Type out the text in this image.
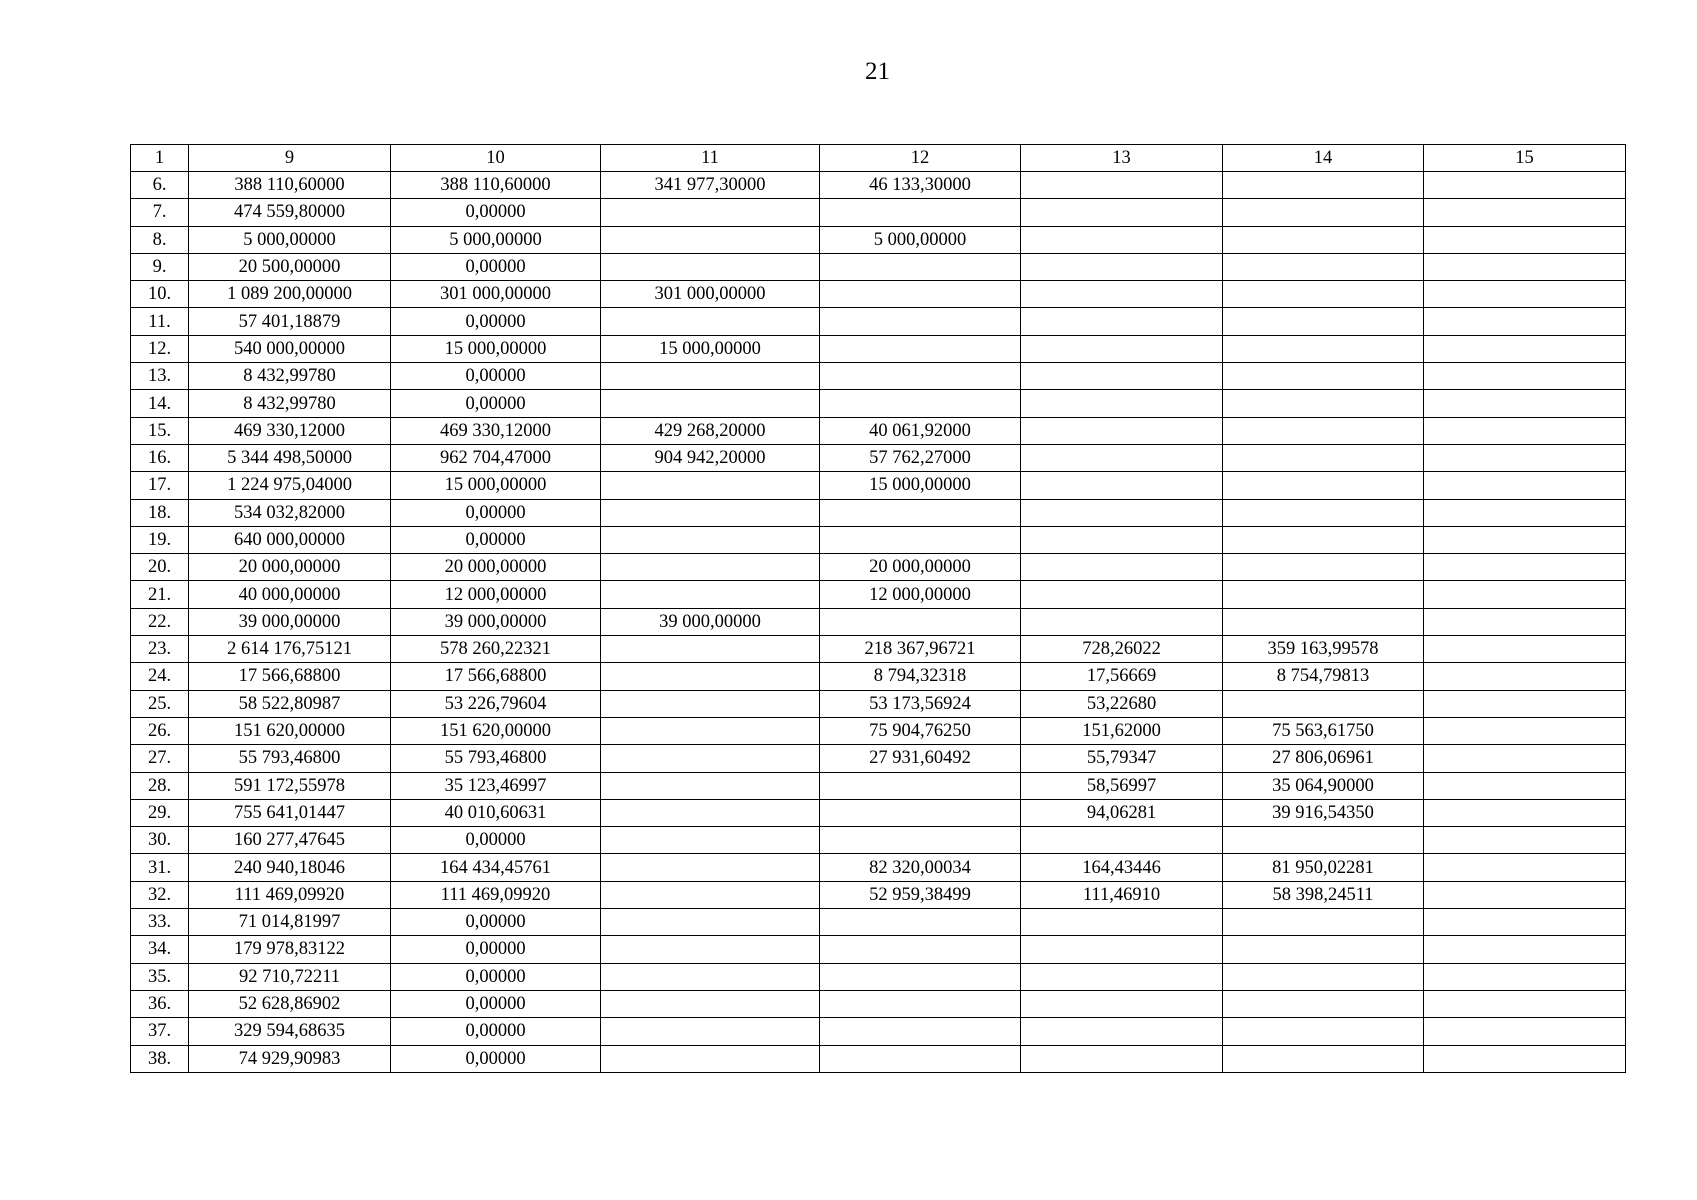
21
1	9	10	11	12	13	14	15
6.	388 110,60000	388 110,60000	341 977,30000	46 133,30000			
7.	474 559,80000	0,00000					
8.	5 000,00000	5 000,00000		5 000,00000			
9.	20 500,00000	0,00000					
10.	1 089 200,00000	301 000,00000	301 000,00000				
11.	57 401,18879	0,00000					
12.	540 000,00000	15 000,00000	15 000,00000				
13.	8 432,99780	0,00000					
14.	8 432,99780	0,00000					
15.	469 330,12000	469 330,12000	429 268,20000	40 061,92000			
16.	5 344 498,50000	962 704,47000	904 942,20000	57 762,27000			
17.	1 224 975,04000	15 000,00000		15 000,00000			
18.	534 032,82000	0,00000					
19.	640 000,00000	0,00000					
20.	20 000,00000	20 000,00000		20 000,00000			
21.	40 000,00000	12 000,00000		12 000,00000			
22.	39 000,00000	39 000,00000	39 000,00000				
23.	2 614 176,75121	578 260,22321		218 367,96721	728,26022	359 163,99578	
24.	17 566,68800	17 566,68800		8 794,32318	17,56669	8 754,79813	
25.	58 522,80987	53 226,79604		53 173,56924	53,22680		
26.	151 620,00000	151 620,00000		75 904,76250	151,62000	75 563,61750	
27.	55 793,46800	55 793,46800		27 931,60492	55,79347	27 806,06961	
28.	591 172,55978	35 123,46997			58,56997	35 064,90000	
29.	755 641,01447	40 010,60631			94,06281	39 916,54350	
30.	160 277,47645	0,00000					
31.	240 940,18046	164 434,45761		82 320,00034	164,43446	81 950,02281	
32.	111 469,09920	111 469,09920		52 959,38499	111,46910	58 398,24511	
33.	71 014,81997	0,00000					
34.	179 978,83122	0,00000					
35.	92 710,72211	0,00000					
36.	52 628,86902	0,00000					
37.	329 594,68635	0,00000					
38.	74 929,90983	0,00000					
